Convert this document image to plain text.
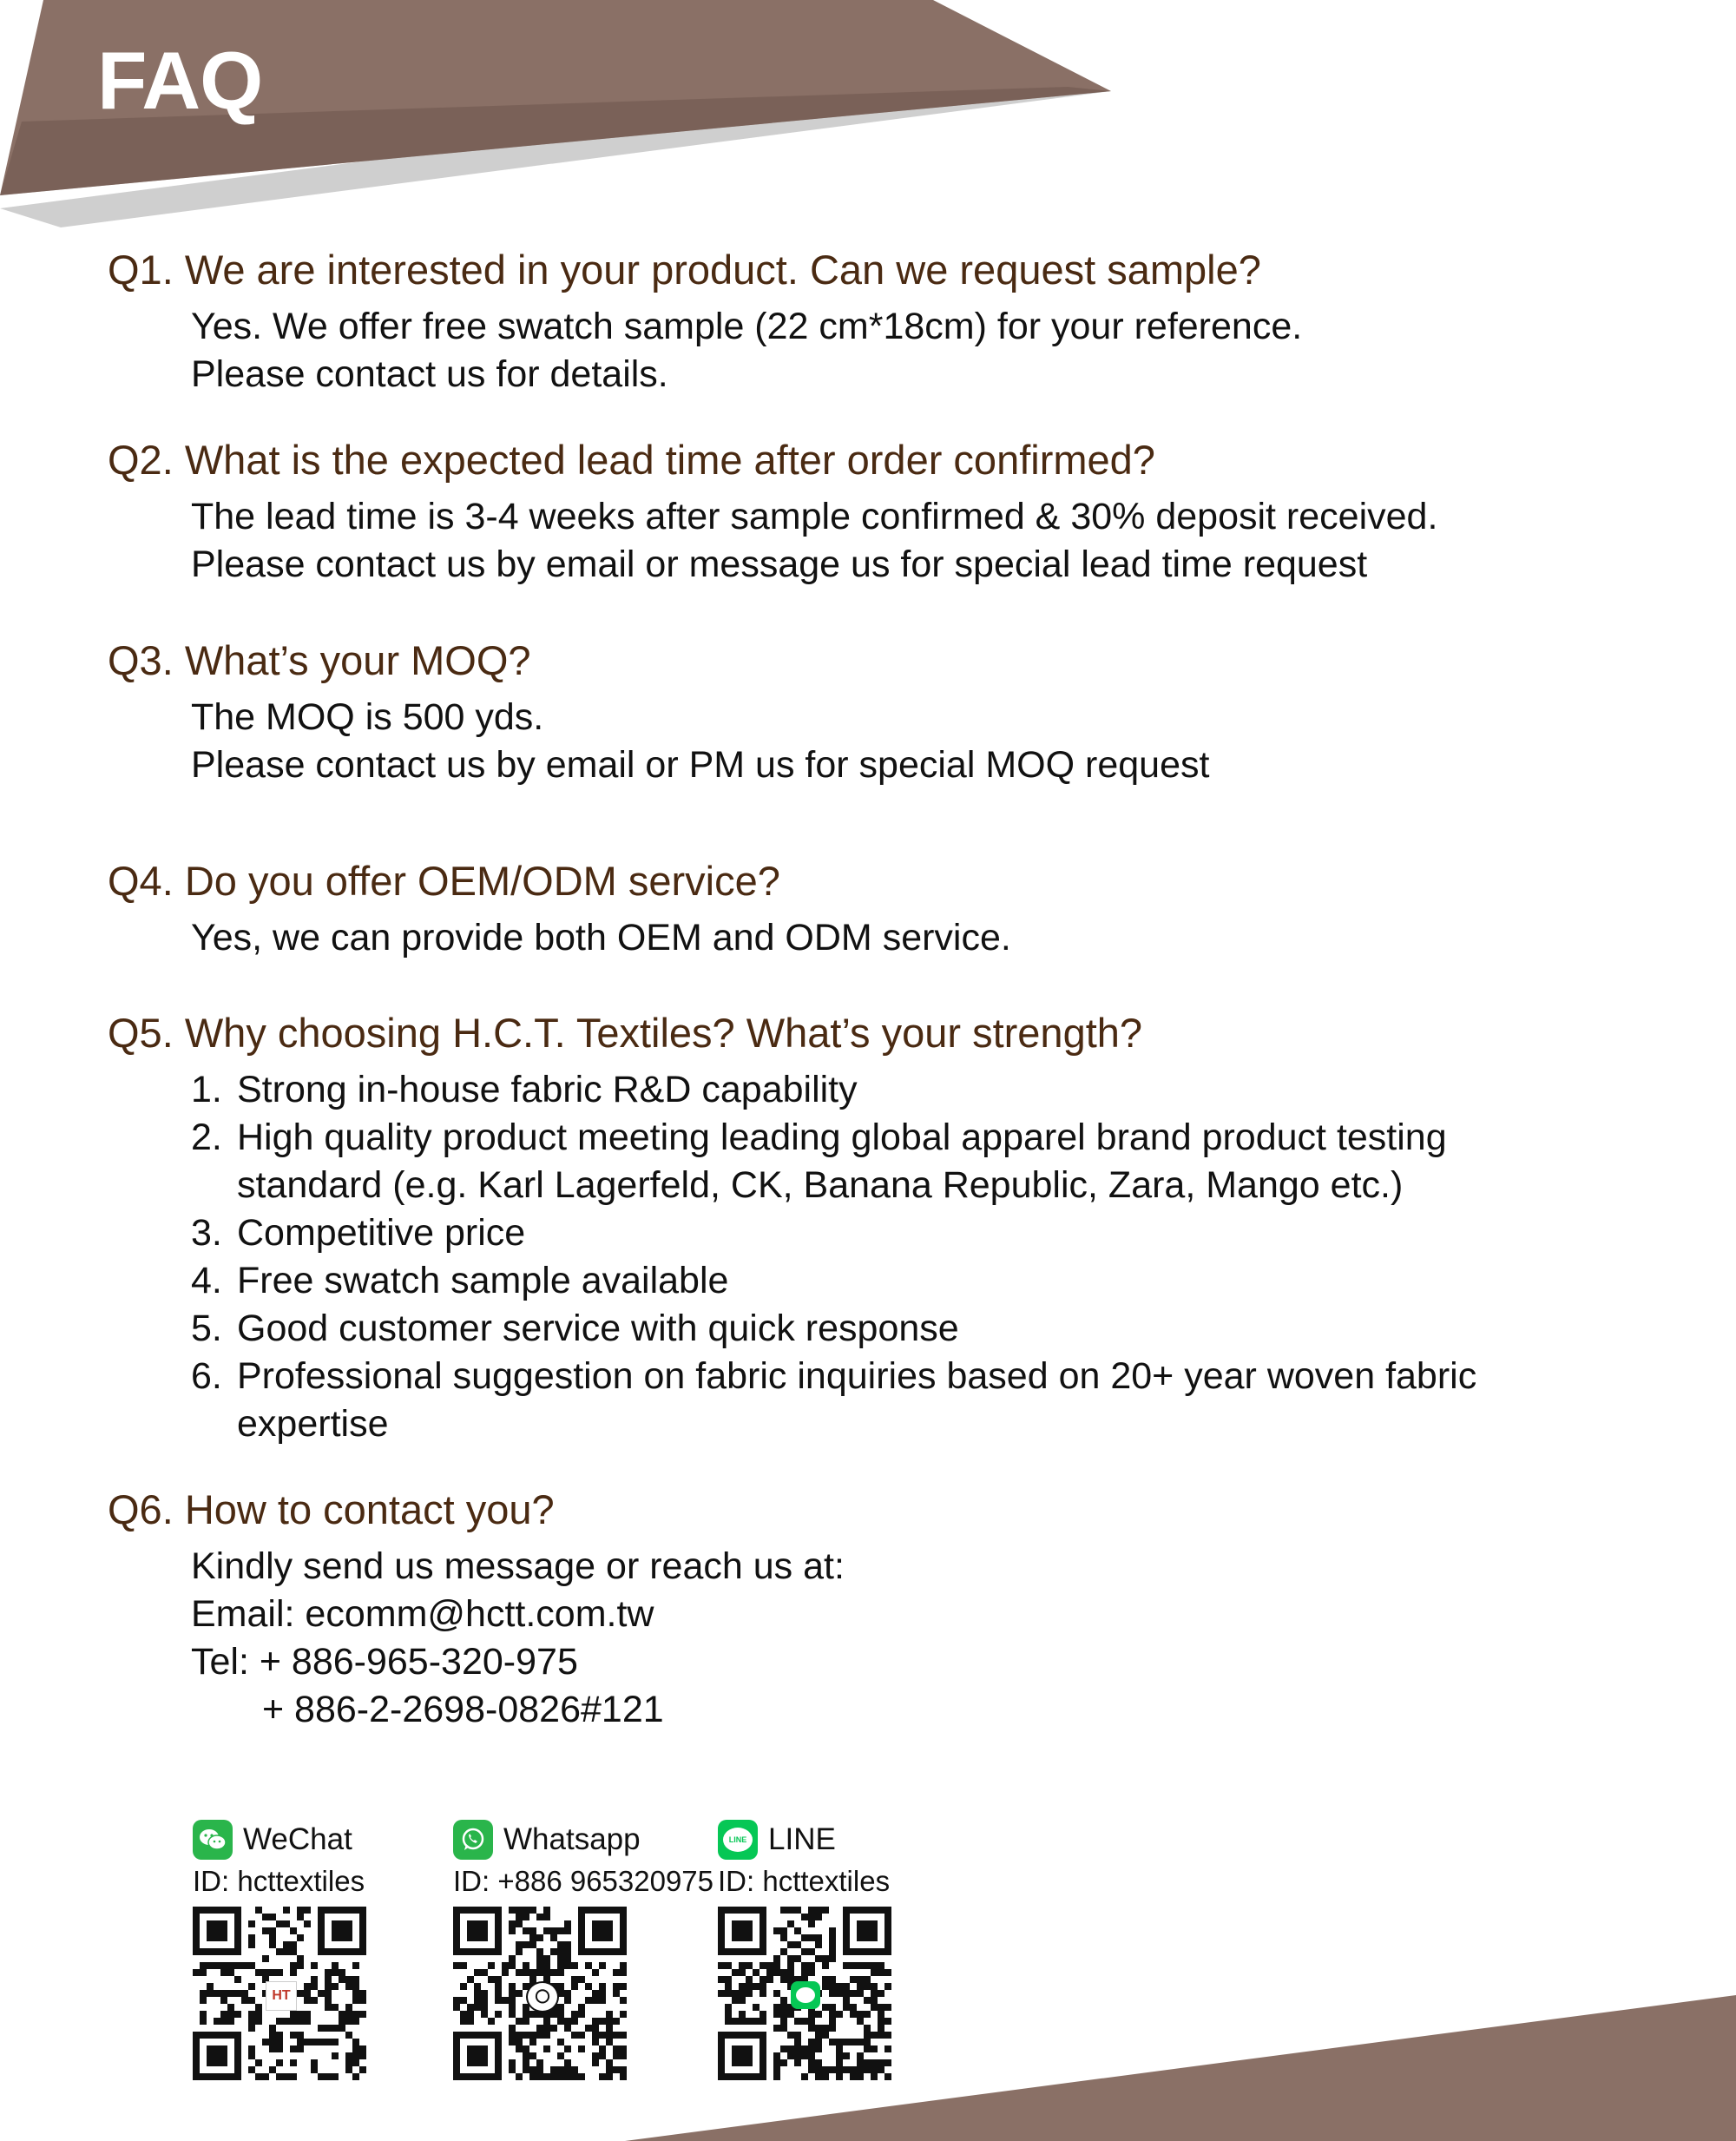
FAQ

Q1. We are interested in your product. Can we request sample?

Yes. We offer free swatch sample (22 cm*18cm) for your reference.
Please contact us for details.

Q2. What is the expected lead time after order confirmed?

The lead time is 3-4 weeks after sample confirmed & 30% deposit received.
Please contact us by email or message us for special lead time request

Q3. What’s your MOQ?

The MOQ is 500 yds.
Please contact us by email or PM us for special MOQ request

Q4. Do you offer OEM/ODM service?

Yes, we can provide both OEM and ODM service.

Q5. Why choosing H.C.T. Textiles? What’s your strength?

1. Strong in-house fabric R&D capability
2. High quality product meeting leading global apparel brand product testing
standard (e.g. Karl Lagerfeld, CK, Banana Republic, Zara, Mango etc.)
3. Competitive price
4. Free swatch sample available
5. Good customer service with quick response
6. Professional suggestion on fabric inquiries based on 20+ year woven fabric
expertise

Q6. How to contact you?

Kindly send us message or reach us at:
Email: ecomm@hctt.com.tw
Tel: + 886-965-320-975
+ 886-2-2698-0826#121
WeChat
ID: hcttextiles
HT
Whatsapp
ID: +886 965320975
LINE LINE
ID: hcttextiles
